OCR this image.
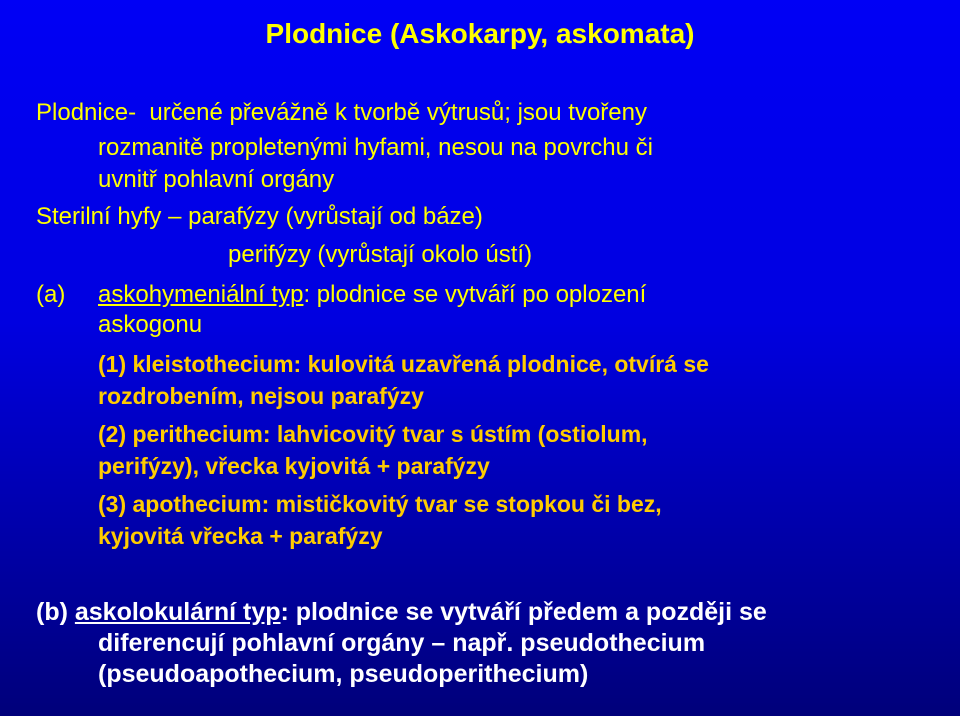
Plodnice (Askokarpy, askomata)
Plodnice- určené převážně k tvorbě výtrusů; jsou tvořeny
rozmanitě propletenými hyfami, nesou na povrchu či
uvnitř pohlavní orgány
Sterilní hyfy – parafýzy (vyrůstají od báze)
perifýzy (vyrůstají okolo ústí)
(a) askohymeniální typ: plodnice se vytváří po oplození
askogonu
(1) kleistothecium: kulovitá uzavřená plodnice, otvírá se
rozdrobením, nejsou parafýzy
(2) perithecium: lahvicovitý tvar s ústím (ostiolum,
perifýzy), vřecka kyjovitá + parafýzy
(3) apothecium: mističkovitý tvar se stopkou či bez,
kyjovitá vřecka + parafýzy
(b) askolokulární typ: plodnice se vytváří předem a později se
diferencují pohlavní orgány – např. pseudothecium
(pseudoapothecium, pseudoperithecium)
